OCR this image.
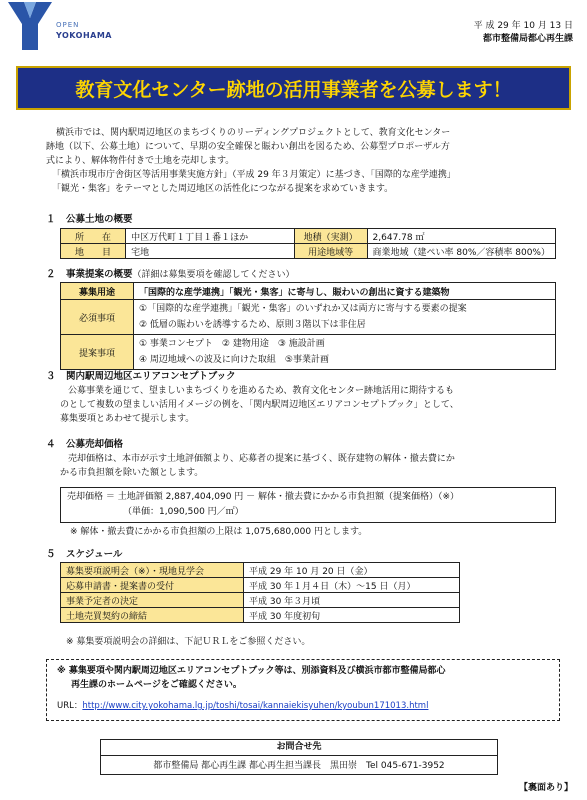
OPEN
YOKOHAMA
平 成 29 年 10 月 13 日
都市整備局都心再生課
教育文化センター跡地の活用事業者を公募します！
横浜市では、関内駅周辺地区のまちづくりのリーディングプロジェクトとして、教育文化センター
跡地（以下、公募土地）について、早期の安全確保と賑わい創出を図るため、公募型プロポーザル方
式により、解体物件付きで土地を売却します。
「横浜市現市庁舎街区等活用事業実施方針」（平成 29 年３月策定）に基づき、「国際的な産学連携」
「観光・集客」をテーマとした周辺地区の活性化につながる提案を求めていきます。
１ 公募土地の概要
所　　在	中区万代町１丁目１番１ほか	地積（実測）	2,647.78 ㎡
地　　目	宅地	用途地域等	商業地域（建ぺい率 80%／容積率 800%）
２ 事業提案の概要（詳細は募集要項を確認してください）
募集用途	「国際的な産学連携」「観光・集客」に寄与し、賑わいの創出に資する建築物
必須事項	①「国際的な産学連携」「観光・集客」のいずれか又は両方に寄与する要素の提案
② 低層の賑わいを誘導するため、原則３階以下は非住居

提案事項	① 事業コンセプト　② 建物用途　③ 施設計画
④ 周辺地域への波及に向けた取組　⑤事業計画
３ 関内駅周辺地区エリアコンセプトブック
公募事業を通じて、望ましいまちづくりを進めるため、教育文化センター跡地活用に期待するも
のとして複数の望ましい活用イメージの例を、「関内駅周辺地区エリアコンセプトブック」として、
募集要項とあわせて提示します。
４ 公募売却価格
売却価格は、本市が示す土地評価額より、応募者の提案に基づく、既存建物の解体・撤去費にか
かる市負担額を除いた額とします。
売却価格 ＝ 土地評価額 2,887,404,090 円 － 解体・撤去費にかかる市負担額（提案価格）（※）
（単価：1,090,500 円／㎡）
※ 解体・撤去費にかかる市負担額の上限は 1,075,680,000 円とします。
５ スケジュール
募集要項説明会（※）・現地見学会	平成 29 年 10 月 20 日（金）
応募申請書・提案書の受付	平成 30 年１月４日（木）～15 日（月）
事業予定者の決定	平成 30 年３月頃
土地売買契約の締結	平成 30 年度初旬
※ 募集要項説明会の詳細は、下記ＵＲＬをご参照ください。
※ 募集要項や関内駅周辺地区エリアコンセプトブック等は、別添資料及び横浜市都市整備局都心
再生課のホームページをご確認ください。
URL：http://www.city.yokohama.lg.jp/toshi/tosai/kannaiekisyuhen/kyoubun171013.html
お問合せ先
都市整備局 都心再生課 都心再生担当課長　黒田崇　Tel 045-671-3952
【裏面あり】
